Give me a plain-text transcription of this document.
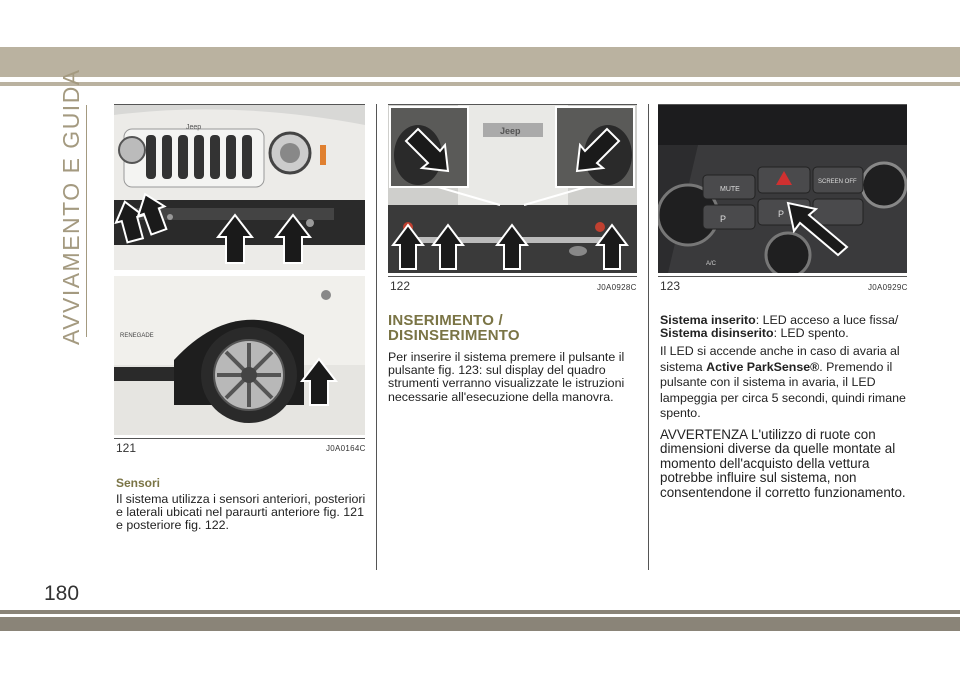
AVVIAMENTO E GUIDA	Jeep
RENEGADE
121	J0A0164C
Jeep
122	J0A0928C
MUTE
P	P
SCREEN OFF
A/C
123	J0A0929C
Sensori
Il sistema utilizza i sensori anteriori, posteriori e laterali ubicati nel paraurti anteriore fig. 121 e posteriore fig. 122.
INSERIMENTO /
DISINSERIMENTO
Per inserire il sistema premere il pulsante il pulsante fig. 123: sul display del quadro strumenti verranno visualizzate le istruzioni necessarie all'esecuzione della manovra.
Sistema inserito: LED acceso a luce fissa/
Sistema disinserito: LED spento.
Il LED si accende anche in caso di avaria al sistema Active ParkSense®. Premendo il pulsante con il sistema in avaria, il LED lampeggia per circa 5 secondi, quindi rimane spento.
AVVERTENZA L'utilizzo di ruote con dimensioni diverse da quelle montate al momento dell'acquisto della vettura potrebbe influire sul sistema, non consentendone il corretto funzionamento.
180
